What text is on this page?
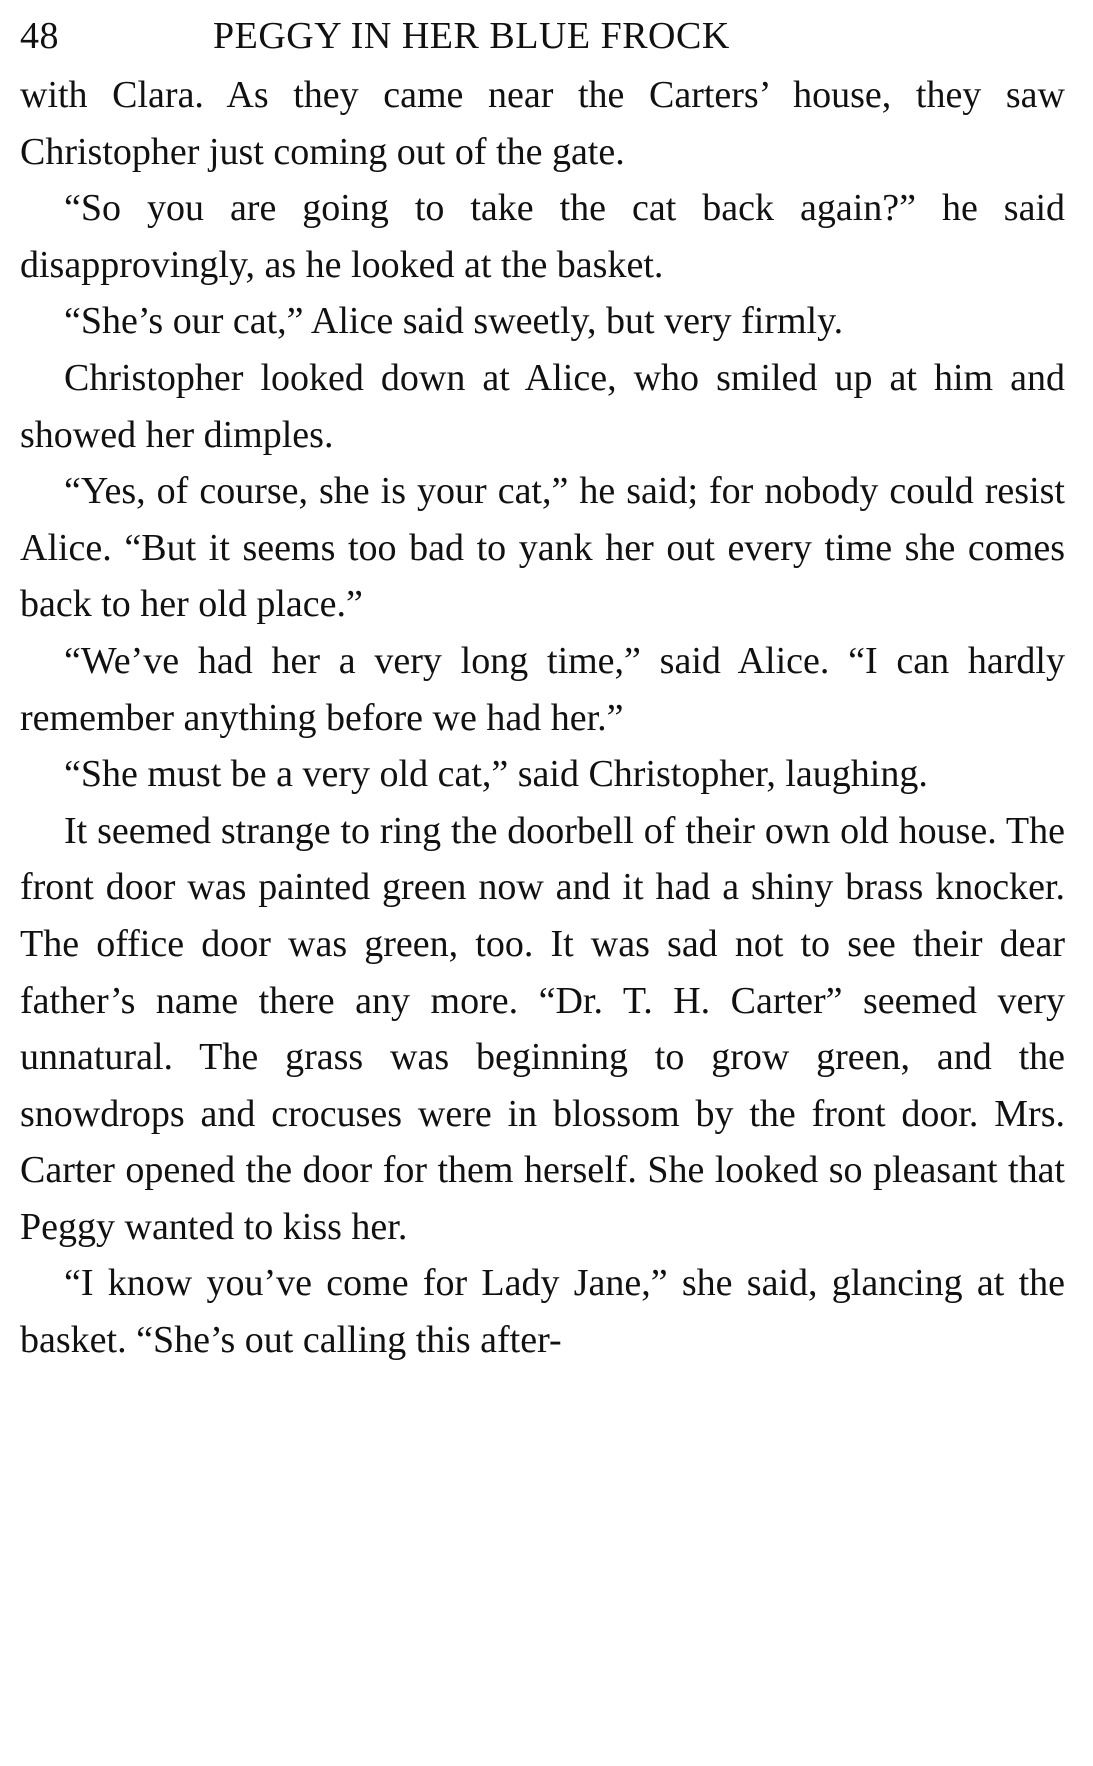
48	PEGGY IN HER BLUE FROCK

with Clara. As they came near the Carters’ house, they saw Christopher just coming out of the gate.

“So you are going to take the cat back again?” he said disapprovingly, as he looked at the basket.

“She’s our cat,” Alice said sweetly, but very firmly.

Christopher looked down at Alice, who smiled up at him and showed her dimples.

“Yes, of course, she is your cat,” he said; for nobody could resist Alice. “But it seems too bad to yank her out every time she comes back to her old place.”

“We’ve had her a very long time,” said Alice. “I can hardly remember anything before we had her.”

“She must be a very old cat,” said Christopher, laughing.

It seemed strange to ring the doorbell of their own old house. The front door was painted green now and it had a shiny brass knocker. The office door was green, too. It was sad not to see their dear father’s name there any more. “Dr. T. H. Carter” seemed very unnatural. The grass was beginning to grow green, and the snowdrops and crocuses were in blossom by the front door. Mrs. Carter opened the door for them herself. She looked so pleasant that Peggy wanted to kiss her.

“I know you’ve come for Lady Jane,” she said, glancing at the basket. “She’s out calling this after-
